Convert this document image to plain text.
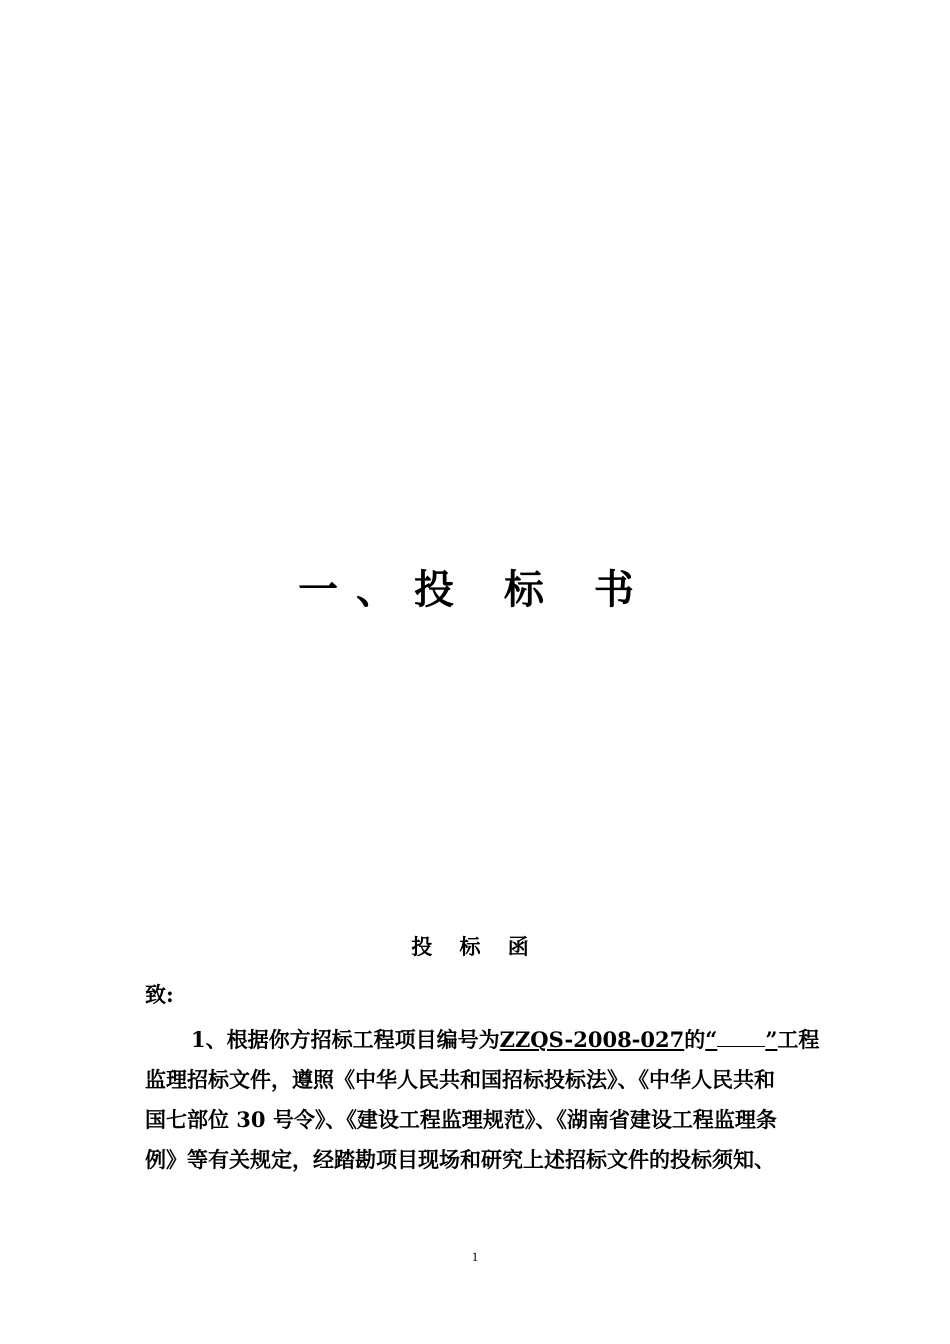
一、投 标 书
投 标 函
致:
1、根据你方招标工程项目编号为ZZQS-2008-027的“ ”工程
监理招标文件，遵照《中华人民共和国招标投标法》、《中华人民共和
国七部位 30 号令》、《建设工程监理规范》、《湖南省建设工程监理条
例》等有关规定，经踏勘项目现场和研究上述招标文件的投标须知、
1
